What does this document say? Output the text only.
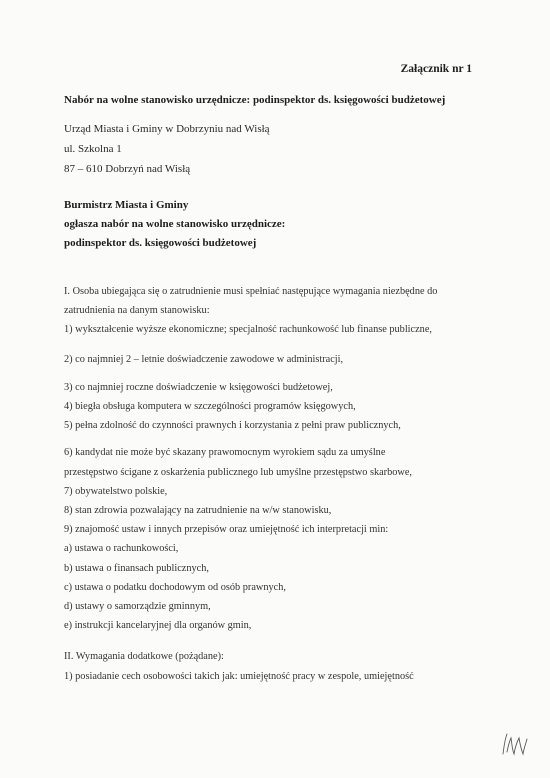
Załącznik nr 1
Nabór na wolne stanowisko urzędnicze: podinspektor ds. księgowości budżetowej
Urząd Miasta i Gminy w Dobrzyniu nad Wisłą
ul. Szkolna 1
87 – 610 Dobrzyń nad Wisłą
Burmistrz Miasta i Gminy
ogłasza nabór na wolne stanowisko urzędnicze:
podinspektor ds. księgowości budżetowej
I. Osoba ubiegająca się o zatrudnienie musi spełniać następujące wymagania niezbędne do
zatrudnienia na danym stanowisku:
1) wykształcenie wyższe ekonomiczne; specjalność rachunkowość lub finanse publiczne,
2) co najmniej 2 – letnie doświadczenie zawodowe w administracji,
3) co najmniej roczne doświadczenie w księgowości budżetowej,
4) biegła obsługa komputera w szczególności programów księgowych,
5) pełna zdolność do czynności prawnych i korzystania z pełni praw publicznych,
6) kandydat nie może być skazany prawomocnym wyrokiem sądu za umyślne
przestępstwo ścigane z oskarżenia publicznego lub umyślne przestępstwo skarbowe,
7) obywatelstwo polskie,
8) stan zdrowia pozwalający na zatrudnienie na w/w stanowisku,
9) znajomość ustaw i innych przepisów oraz umiejętność ich interpretacji min:
a) ustawa o rachunkowości,
b) ustawa o finansach publicznych,
c) ustawa o podatku dochodowym od osób prawnych,
d) ustawy o samorządzie gminnym,
e) instrukcji kancelaryjnej dla organów gmin,
II. Wymagania dodatkowe (pożądane):
1) posiadanie cech osobowości takich jak: umiejętność pracy w zespole, umiejętność
